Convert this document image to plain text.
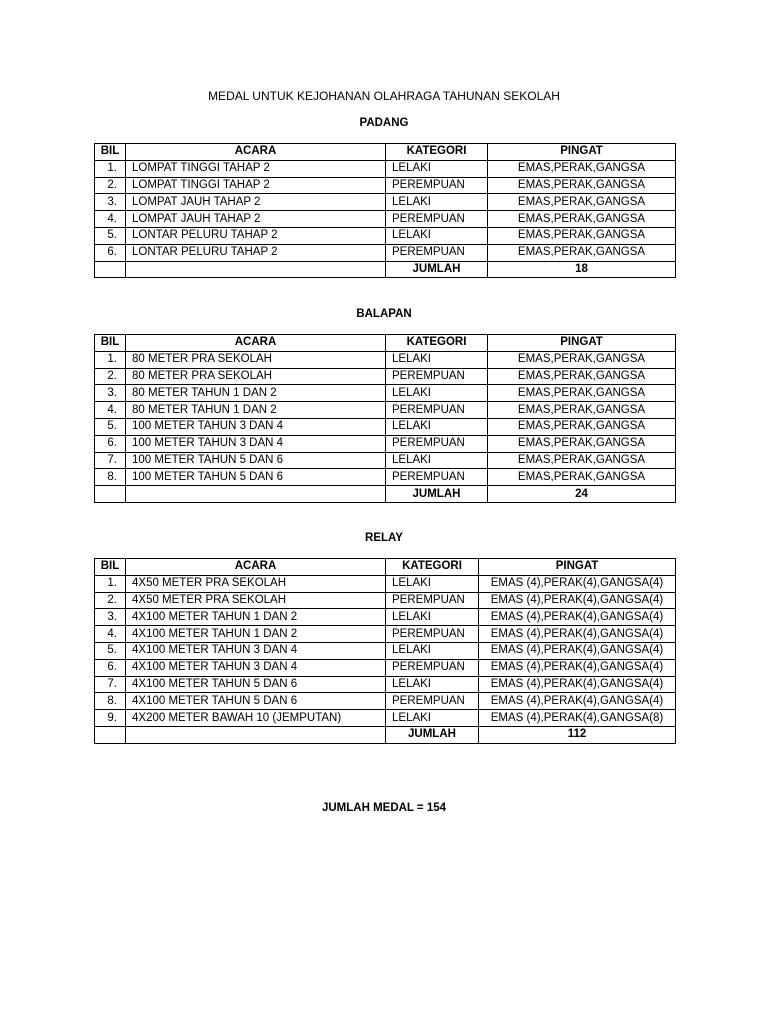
MEDAL UNTUK KEJOHANAN OLAHRAGA TAHUNAN SEKOLAH
PADANG
BIL	ACARA	KATEGORI	PINGAT
1.	LOMPAT TINGGI TAHAP 2	LELAKI	EMAS,PERAK,GANGSA
2.	LOMPAT TINGGI TAHAP 2	PEREMPUAN	EMAS,PERAK,GANGSA
3.	LOMPAT JAUH TAHAP 2	LELAKI	EMAS,PERAK,GANGSA
4.	LOMPAT JAUH TAHAP 2	PEREMPUAN	EMAS,PERAK,GANGSA
5.	LONTAR PELURU TAHAP 2	LELAKI	EMAS,PERAK,GANGSA
6.	LONTAR PELURU TAHAP 2	PEREMPUAN	EMAS,PERAK,GANGSA
		JUMLAH	18
BALAPAN
BIL	ACARA	KATEGORI	PINGAT
1.	80 METER PRA SEKOLAH	LELAKI	EMAS,PERAK,GANGSA
2.	80 METER PRA SEKOLAH	PEREMPUAN	EMAS,PERAK,GANGSA
3.	80 METER TAHUN 1 DAN 2	LELAKI	EMAS,PERAK,GANGSA
4.	80 METER TAHUN 1 DAN 2	PEREMPUAN	EMAS,PERAK,GANGSA
5.	100 METER TAHUN 3 DAN 4	LELAKI	EMAS,PERAK,GANGSA
6.	100 METER TAHUN 3 DAN 4	PEREMPUAN	EMAS,PERAK,GANGSA
7.	100 METER TAHUN 5 DAN 6	LELAKI	EMAS,PERAK,GANGSA
8.	100 METER TAHUN 5 DAN 6	PEREMPUAN	EMAS,PERAK,GANGSA
		JUMLAH	24
RELAY
BIL	ACARA	KATEGORI	PINGAT
1.	4X50 METER PRA SEKOLAH	LELAKI	EMAS (4),PERAK(4),GANGSA(4)
2.	4X50 METER PRA SEKOLAH	PEREMPUAN	EMAS (4),PERAK(4),GANGSA(4)
3.	4X100 METER TAHUN 1 DAN 2	LELAKI	EMAS (4),PERAK(4),GANGSA(4)
4.	4X100 METER TAHUN 1 DAN 2	PEREMPUAN	EMAS (4),PERAK(4),GANGSA(4)
5.	4X100 METER TAHUN 3 DAN 4	LELAKI	EMAS (4),PERAK(4),GANGSA(4)
6.	4X100 METER TAHUN 3 DAN 4	PEREMPUAN	EMAS (4),PERAK(4),GANGSA(4)
7.	4X100 METER TAHUN 5 DAN 6	LELAKI	EMAS (4),PERAK(4),GANGSA(4)
8.	4X100 METER TAHUN 5 DAN 6	PEREMPUAN	EMAS (4),PERAK(4),GANGSA(4)
9.	4X200 METER BAWAH 10 (JEMPUTAN)	LELAKI	EMAS (4),PERAK(4),GANGSA(8)
		JUMLAH	112
JUMLAH MEDAL = 154
